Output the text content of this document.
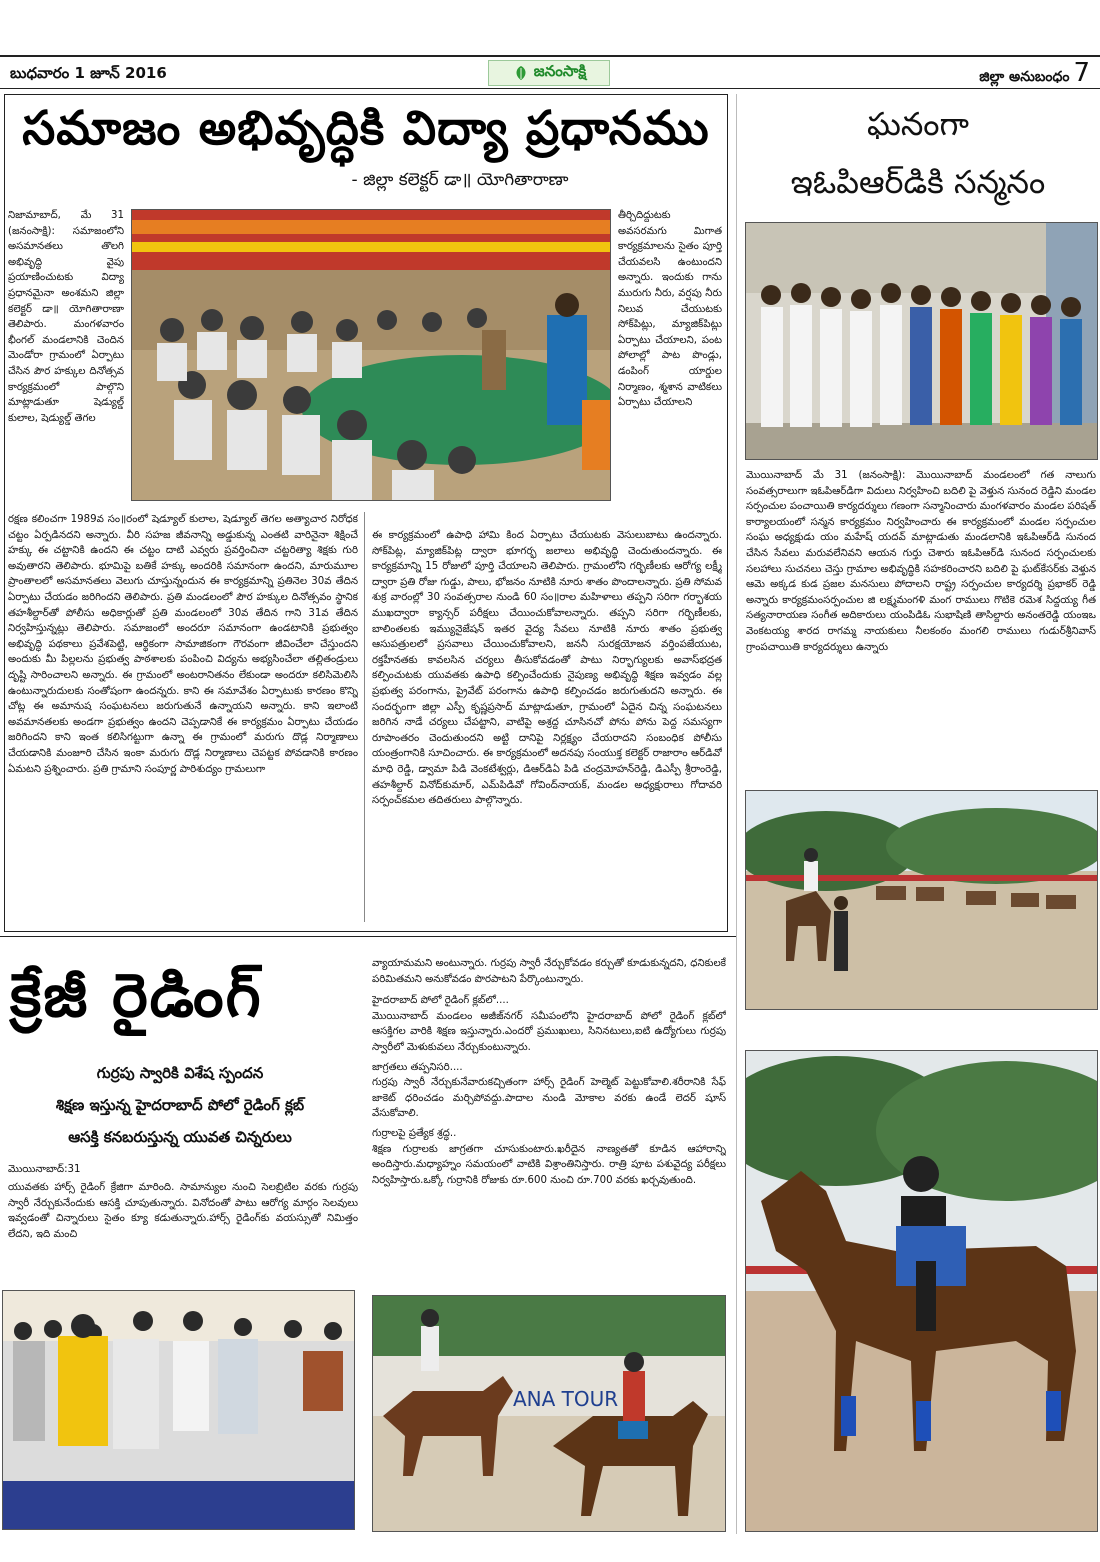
బుధవారం 1 జూన్ 2016	జనంసాక్షి	జిల్లా అనుబంధం 7
సమాజం అభివృద్ధికి విద్యా ప్రధానము
- జిల్లా కలెక్టర్ డా॥ యోగితారాణా
నిజామాబాద్, మే 31 (జనంసాక్షి): సమాజంలోని అసమానతలు తొలగి అభివృద్ధి వైపు ప్రయాణించుటకు విద్యా ప్రధానమైనా అంశమని జిల్లా కలెక్టర్ డా॥ యోగితారాణా తెలిపారు. మంగళవారం భీంగల్ మండలానికి చెందిన మెండోరా గ్రామంలో ఏర్పాటు చేసిన పౌర హక్కుల దినోత్సవ కార్యక్రమంలో పాల్గొని మాట్లాడుతూ షెడ్యుల్డ్ కులాల, షెడ్యుల్డ్ తెగల
తీర్చిదిద్దుటకు అవసరమగు మిగాత కార్యక్రమాలను సైతం పూర్తి చేయవలసి ఉంటుందని అన్నారు. ఇందుకు గాను మురుగు నీరు, వర్షపు నీరు నిలువ చేయుటకు సోక్‌పిట్లు, మ్యాజిక్‌పిట్లు ఏర్పాటు చేయాలని, పంట పోలాల్లో పాట పొండ్లు, డంపింగ్ యార్డుల నిర్మాణం, శ్మశాన వాటికలు ఏర్పాటు చేయాలని
రక్షణ కలించగా 1989వ సం॥రంలో షెడ్యూల్ కులాల, షెడ్యూల్ తెగల అత్యాచార నిరోధక చట్టం ఏర్పడినదని అన్నారు. వీరి సహజ జీవనాన్ని అడ్డుకున్న ఎంతటి వారినైనా శిక్షించే హక్కు ఈ చట్టానికి ఉందని ఈ చట్టం దాటి ఎవ్వరు ప్రవర్తించినా చట్టరిత్యా శిక్షకు గురి అవుతారని తెలిపారు. భూమిపై బతికే హక్కు అందరికి సమానంగా ఉందని, మారుమూల ప్రాంతాలలో అసమానతలు వెలుగు చూస్తున్నందున ఈ కార్యక్రమాన్ని ప్రతినెల 30వ తేదిన ఏర్పాటు చేయడం జరిగిందని తెలిపారు. ప్రతి మండలంలో పౌర హక్కుల దినోత్సవం స్థానిక తహశీల్దార్‌తో పోలీసు అధికార్లుతో ప్రతి మండలంలో 30వ తేదిన గాని 31వ తేదిన నిర్వహిస్తున్నట్లు తెలిపారు. సమాజంలో అందరూ సమానంగా ఉండటానికి ప్రభుత్వం అభివృద్ధి పథకాలు ప్రవేశపెట్టి, ఆర్థికంగా సామాజికంగా గౌరవంగా జీవించేలా చేస్తుందని అందుకు మీ పిల్లలను ప్రభుత్వ పాఠశాలకు పంపించి విద్యను అభ్యసించేలా తల్లితండ్రులు దృష్టి సారించాలని అన్నారు. ఈ గ్రామంలో అంటరానితనం లేకుండా అందరూ కలిసిమెలిసి ఉంటున్నారుదులకు సంతోషంగా ఉందన్నరు. కాని ఈ సమావేశం ఏర్పాటుకు కారణం కొన్ని చోట్ల ఈ అమానుష సంఘటనలు జరుగుతునే ఉన్నాయని అన్నారు. కాని ఇలాంటి అవమానతలకు అండగా ప్రభుత్వం ఉందని చెప్పడానికే ఈ కార్యక్రమం ఏర్పాటు చేయడం జరిగిందని కాని ఇంత కలిసిగట్టుగా ఉన్నా ఈ గ్రామంలో మరుగు దొడ్ల నిర్మాణాలు చేయడానికి మంజూరి చేసిన ఇంకా మరుగు దొడ్ల నిర్మాణాలు చెపట్టక పోవడానికి కారణం ఏమటని ప్రశ్నించారు. ప్రతి గ్రామాని సంపూర్ణ పారిశుద్యం గ్రామలుగా
ఈ కార్యక్రమంలో ఉపాధి హామి కింద ఏర్పాటు చేయుటకు వెసులుబాటు ఉందన్నారు. సోక్‌పిట్ల, మ్యాజిక్‌పిట్ల ద్వారా భూగర్భ జలాలు అభివృద్ధి చెందుతుందన్నారు. ఈ కార్యక్రమాన్ని 15 రోజులో పూర్తి చేయాలని తెలిపారు. గ్రామంలోని గర్భిణీలకు ఆరోగ్య లక్ష్మీ ద్వారా ప్రతి రోజు గుడ్డు, పాలు, భోజనం నూటికి నూరు శాతం పొందాలన్నారు. ప్రతి సోమవ శుక్ర వారంల్లో 30 సంవత్సరాల నుండి 60 సం॥రాల మహిళాలు తప్పని సరిగా గర్భాశయ ముఖద్వారా క్యాన్సర్ పరీక్షలు చేయించుకోవాలన్నారు. తప్పని సరిగా గర్భిణీలకు, బాలింతలకు ఇమ్యునైజేషన్ ఇతర వైద్య సేవలు నూటికి నూరు శాతం ప్రభుత్వ ఆసుపత్రులలో ప్రసవాలు చేయించుకోవాలని, జననీ సురక్షయోజన వర్తింపజేయుట, రక్తహీనతకు కావలసిన చర్యలు తీసుకోవడంతో పాటు నిర్భాగ్యులకు అవాస్‌భద్రత కల్పించుటకు యువతకు ఉపాధి కల్పించేందుకు నైపుణ్య అభివృద్ధి శిక్షణ ఇవ్వడం వల్ల ప్రభుత్వ పరంగాను, ప్రైవేట్ పరంగాను ఉపాధి కల్పించడం జరుగుతుదని అన్నారు. ఈ సందర్భంగా జిల్లా ఎస్పీ కృష్ణప్రసాద్ మాట్లాడుతూ, గ్రామంలో ఏదైన చిన్న సంఘటనలు జరిగిన నాడే చర్యలు చేపట్టాని, వాటిపై అశ్రద్ద చూసినచో పోను పోను పెద్ద సమస్యగా రూపాంతరం చెందుతుందని అట్టి దానిపై నిర్లక్ష్యం చేయరాదని సంబంధిక పోలీసు యంత్రంగానికి సూచించారు. ఈ కార్యక్రమంలో అదనపు సంయుక్త కలెక్టర్ రాజారాం ఆర్‌డివో మాధి రెడ్డి, డ్వామా పిడి వెంకటేశ్వర్లు, డిఆర్‌డిఏ పిడి చంద్రమోహన్‌రెడ్డి, డిఎస్పీ శ్రీరాంరెడ్డి, తహశీల్దార్ వినోద్‌కుమార్, ఎమ్‌పిడివో గోవింద్‌నాయక్, మండల అధ్యక్షురాలు గోదావరి సర్పంచ్‌కమల తదితరులు పాల్గొన్నారు.
ఘనంగా
ఇఓపిఆర్‌డికి సన్మనం
మొయినాబాద్ మే 31 (జనంసాక్షి): మొయినాబాద్ మండలంలో గత నాలుగు సంవత్సరాలుగా ఇఓపిఆర్‌డిగా విదులు నిర్వహించి బదిలి పై వెళ్తున సునంద రెడ్డిని మండల సర్పంచుల పంచాయితి కార్యదర్శులు గణంగా సన్మానించారు మంగళవారం మండల పరిషత్ కార్యాలయంలో సన్మన కార్యక్రమం నిర్వహించారు ఈ కార్యక్రమంలో మండల సర్పంచుల సంఘ అధ్యక్షుడు యం మహేష్ యదవ్ మాట్లాడుతు మండలానికి ఇఓపిఆర్‌డి సునంద చేసిన సేవలు మరువలేనివని ఆయన గుర్తు చెశారు ఇఓపిఆర్‌డి సునంద సర్పంచులకు సలహాలు సుచనలు చెస్తు గ్రామాల అభివృద్ధికి సహకరించారని బదిలి పై ఘట్‌కేసర్‌కు వెళ్తున ఆమె అక్కడ కుడ ప్రజల మనసులు పోదాలని రాష్ట్ర సర్పంచుల కార్యదర్శి ప్రభాకర్ రెడ్డి అన్నారు కార్యక్రమంసర్పంచుల జి లక్ష్మమంగళి మంగ రాములు గొటికె రమెశ సిద్దయ్య గీత సత్యనారాయణ సంగీత అదికారులు యంపిడిఓ సుభాషిణి తాసిల్దారు అనంతరెడ్డి యంఇఒ వెంకటయ్య శారద రాగమ్మ నాయకులు నీలకంఠం మంగలి రాములు గుడుర్‌శ్రీనివాస్ గ్రాంపచాయితి కార్యదర్శులు ఉన్నారు
క్రేజీ రైడింగ్
గుర్రపు స్వారికి విశేష స్పందన
శిక్షణ ఇస్తున్న హైదరాబాద్ పోలో రైడింగ్ క్లబ్
ఆసక్తి కనబరుస్తున్న యువత చిన్నరులు
మొయినాబాద్:31
యువతకు హార్స్ రైడింగ్ క్రేజిగా మారింది. సామాన్యుల నుంచి సెలబ్రిటిల వరకు గుర్రపు స్వారీ నేర్చుకునేందుకు ఆసక్తి చూపుతున్నారు. వినోదంతో పాటు ఆరోగ్య మార్గం సెలవులు ఇవ్వడంతో చిన్నారులు సైతం క్యూ కడుతున్నారు.హార్స్ రైడింగ్‌కు వయస్సుతో నిమిత్తం లేదని, ఇది మంచి
వ్యాయామమని అంటున్నారు. గుర్రపు స్వారీ నేర్చుకోవడం కర్చుతో కూడుకున్నదని, ధనికులకే పరిమితమని అనుకోవడం పొరపాటని పేర్కొంటున్నారు.
హైదరాబాద్ పోలో రైడింగ్ క్లబ్‌లో....
మొయినాబాద్ మండలం అజీజ్‌నగర్ సమీపంలోని హైదరాబాద్ పోలో రైడింగ్ క్లబ్‌లో ఆసక్తిగల వారికి శిక్షణ ఇస్తున్నారు.ఎందరో ప్రముఖులు, సినినటులు,ఐటి ఉద్యోగులు గుర్రపు స్వారీలో మెళుకువలు నేర్చుకుంటున్నారు.
జాగ్రతలు తప్పనిసరి....
గుర్రపు స్వారీ నేర్చుకునేవారుకచ్చితంగా హార్స్ రైడింగ్ హెల్మెట్ పెట్టుకోవాలి.శరీరానికి సేఫ్ జాకెట్ ధరించడం మర్చిపోవద్దు.పాదాల నుండి మోకాల వరకు ఉండే లెదర్ షూస్ వేసుకోవాలి.
గుర్రాలపై ప్రత్యేక శ్రద్ధ..
శిక్షణ గుర్రాలకు జాగ్రతగా చూసుకుంటారు.ఖరీదైన నాణ్యతతో కూడిన ఆహారాన్ని అందిస్తారు.మధ్యాహ్నం సమయంలో వాటికి విశ్రాంతినిస్తారు. రాత్రి పూట పశువైద్య పరీక్షలు నిర్వహిస్తారు.ఒక్కో గుర్రానికి రోజుకు రూ.600 నుంచి రూ.700 వరకు ఖర్చవుతుంది.
ANA TOUR
